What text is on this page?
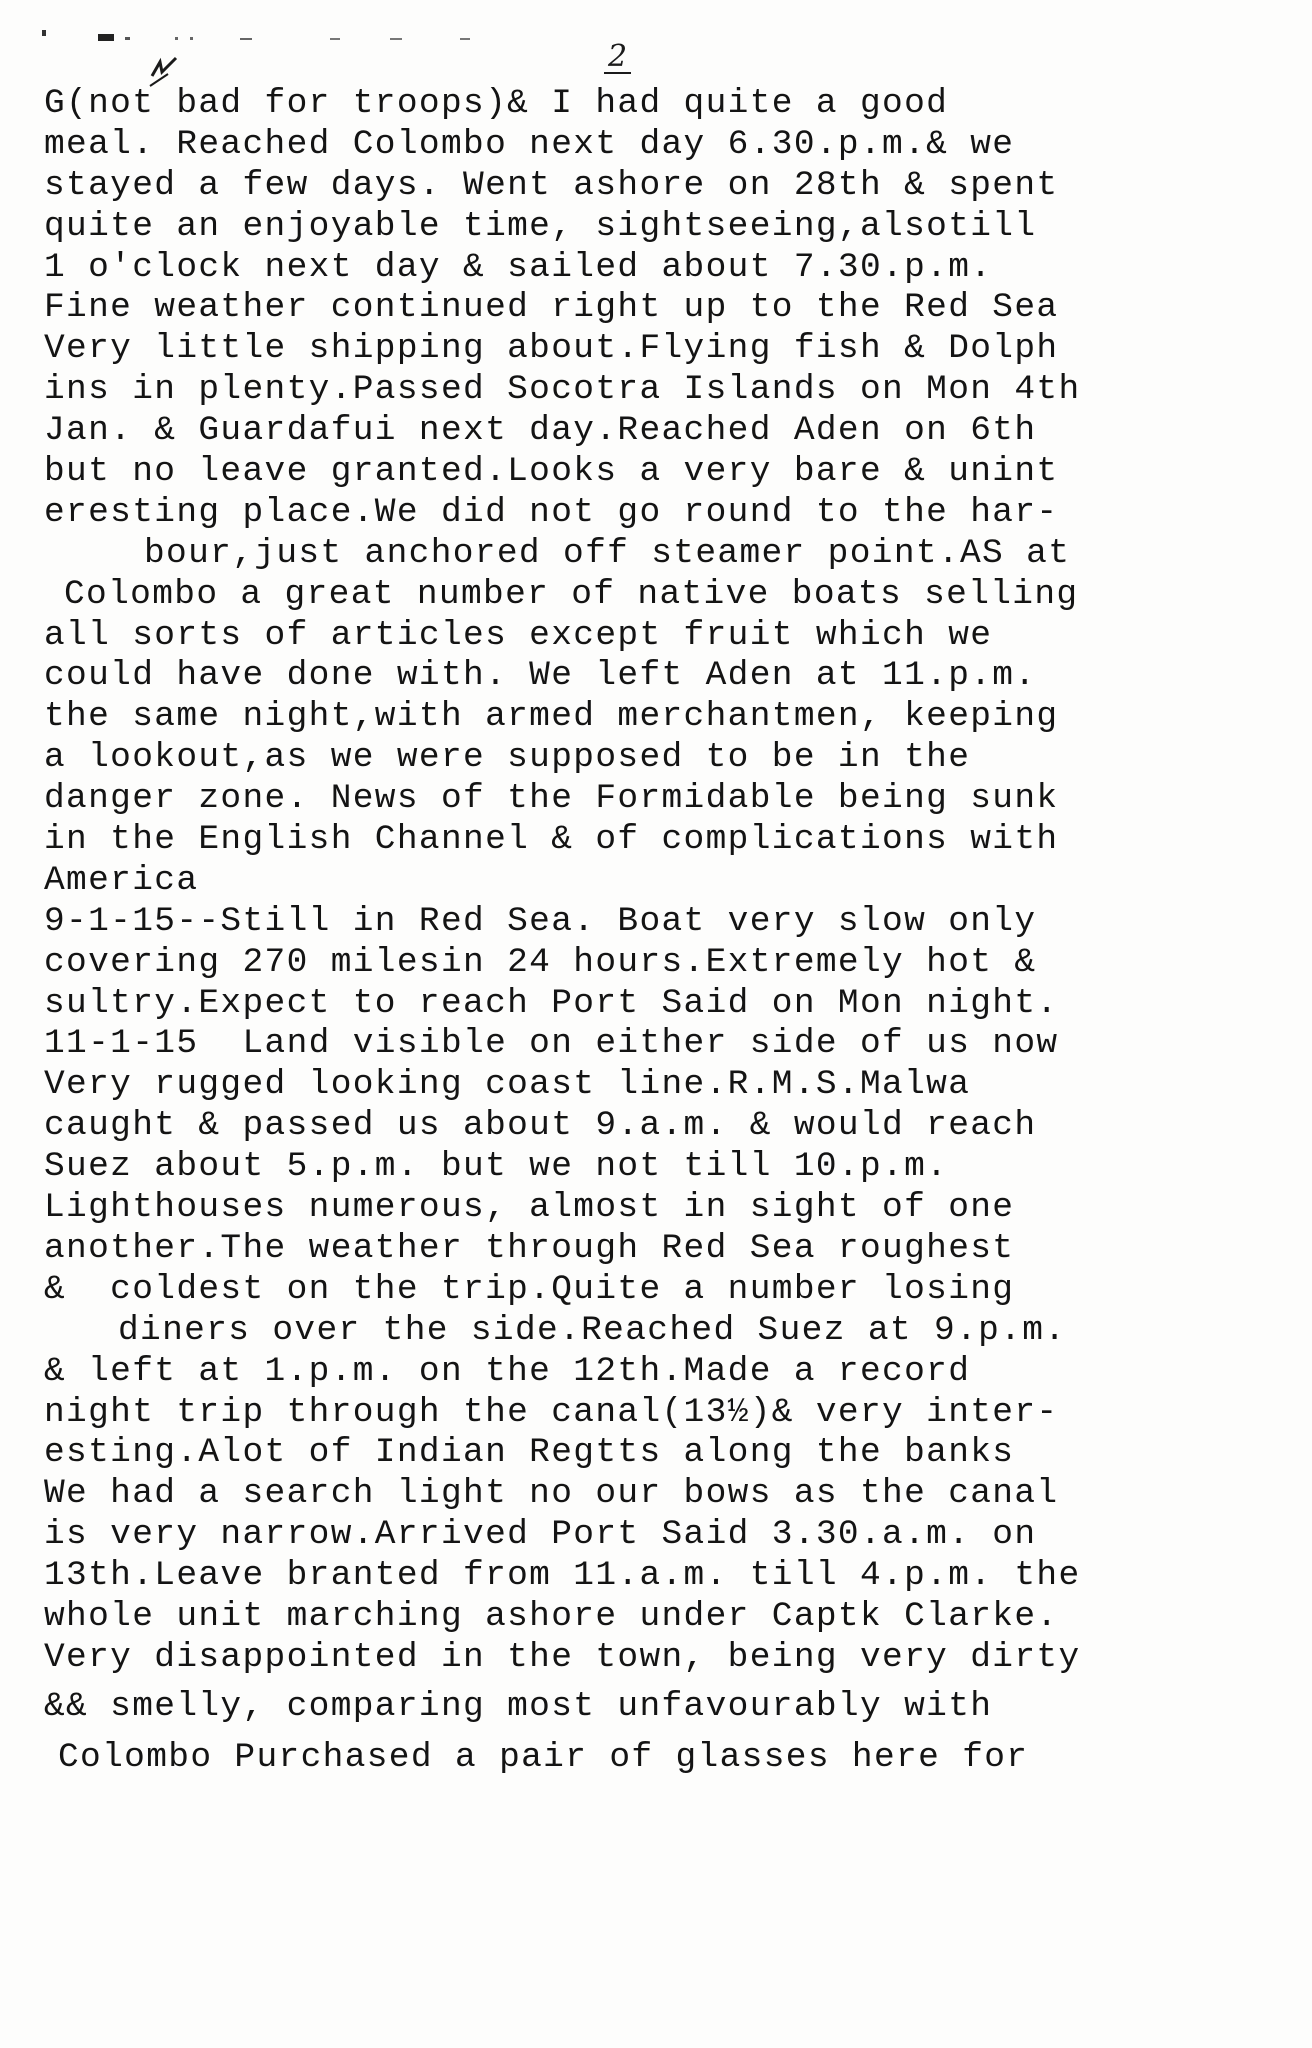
2
G(not bad for troops)& I had quite a good
meal. Reached Colombo next day 6.30.p.m.& we
stayed a few days. Went ashore on 28th & spent
quite an enjoyable time, sightseeing,alsotill
1 o'clock next day & sailed about 7.30.p.m.
Fine weather continued right up to the Red Sea
Very little shipping about.Flying fish & Dolph
ins in plenty.Passed Socotra Islands on Mon 4th
Jan. & Guardafui next day.Reached Aden on 6th
but no leave granted.Looks a very bare & unint
eresting place.We did not go round to the har-
bour,just anchored off steamer point.AS at
Colombo a great number of native boats selling
all sorts of articles except fruit which we
could have done with. We left Aden at 11.p.m.
the same night,with armed merchantmen, keeping
a lookout,as we were supposed to be in the
danger zone. News of the Formidable being sunk
in the English Channel & of complications with
America
9-1-15--Still in Red Sea. Boat very slow only
covering 270 milesin 24 hours.Extremely hot &
sultry.Expect to reach Port Said on Mon night.
11-1-15  Land visible on either side of us now
Very rugged looking coast line.R.M.S.Malwa
caught & passed us about 9.a.m. & would reach
Suez about 5.p.m. but we not till 10.p.m.
Lighthouses numerous, almost in sight of one
another.The weather through Red Sea roughest
&  coldest on the trip.Quite a number losing
diners over the side.Reached Suez at 9.p.m.
& left at 1.p.m. on the 12th.Made a record
night trip through the canal(13½)& very inter-
esting.Alot of Indian Regtts along the banks
We had a search light no our bows as the canal
is very narrow.Arrived Port Said 3.30.a.m. on
13th.Leave branted from 11.a.m. till 4.p.m. the
whole unit marching ashore under Captk Clarke.
Very disappointed in the town, being very dirty
&& smelly, comparing most unfavourably with
Colombo Purchased a pair of glasses here for
